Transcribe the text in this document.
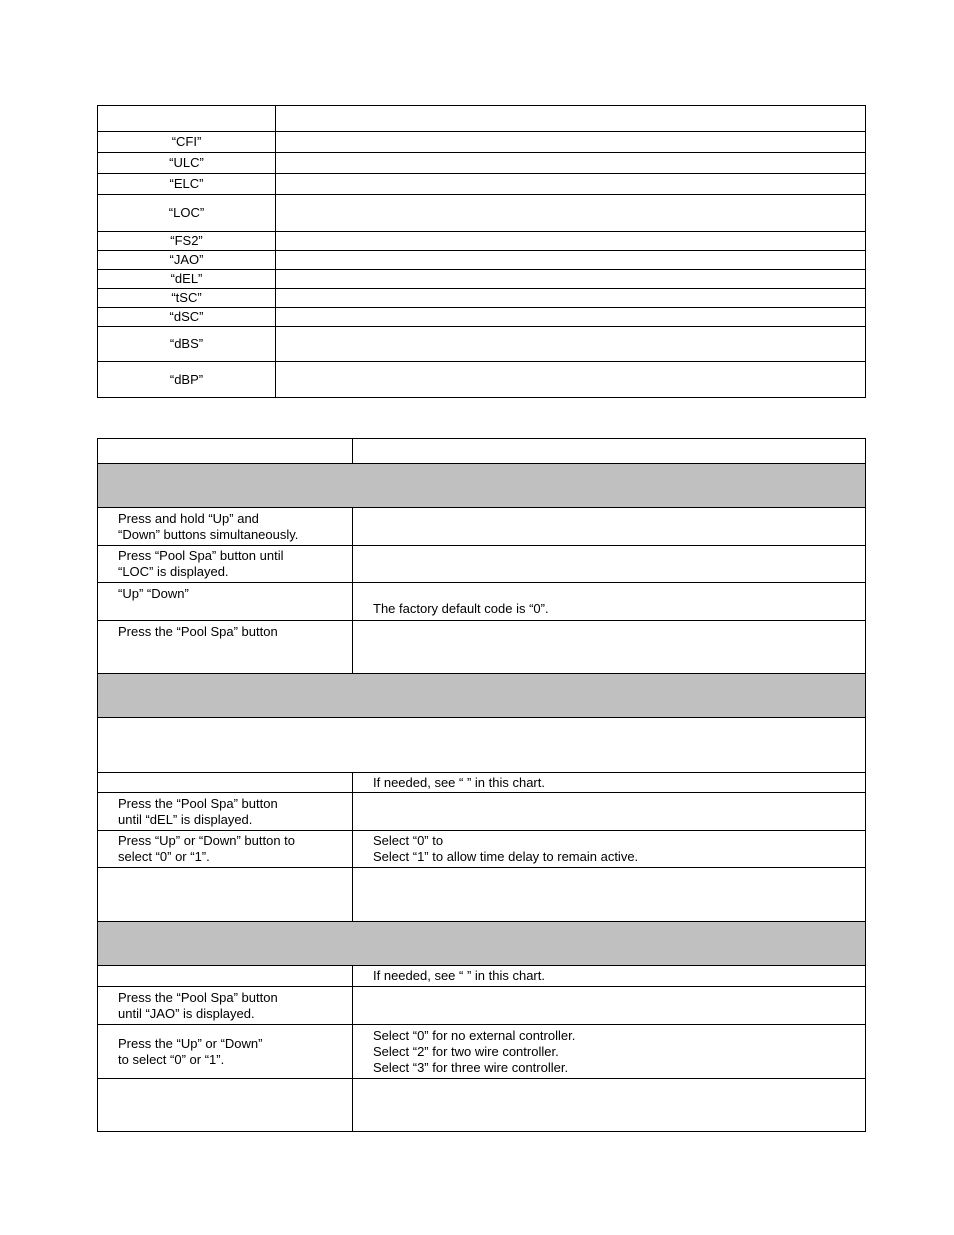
“CFI”	
“ULC”	
“ELC”	
“LOC”	
“FS2”	
“JAO”	
“dEL”	
“tSC”	
“dSC”	
“dBS”	
“dBP”	

Press and hold “Up” and
“Down” buttons simultaneously.	

Press “Pool Spa” button until
“LOC” is displayed.	

“Up” “Down”	The factory default code is “0”.
Press the “Pool Spa” button	

	If needed, see “ ” in this chart.

Press the “Pool Spa” button
until “dEL” is displayed.	

Press “Up” or “Down” button to
select “0” or “1”.	Select “0” to
Select “1” to allow time delay to remain active.

	If needed, see “ ” in this chart.

Press the “Pool Spa” button
until “JAO” is displayed.	

Press the “Up” or “Down”
to select “0” or “1”.	Select “0” for no external controller.
Select “2” for two wire controller.
Select “3” for three wire controller.
